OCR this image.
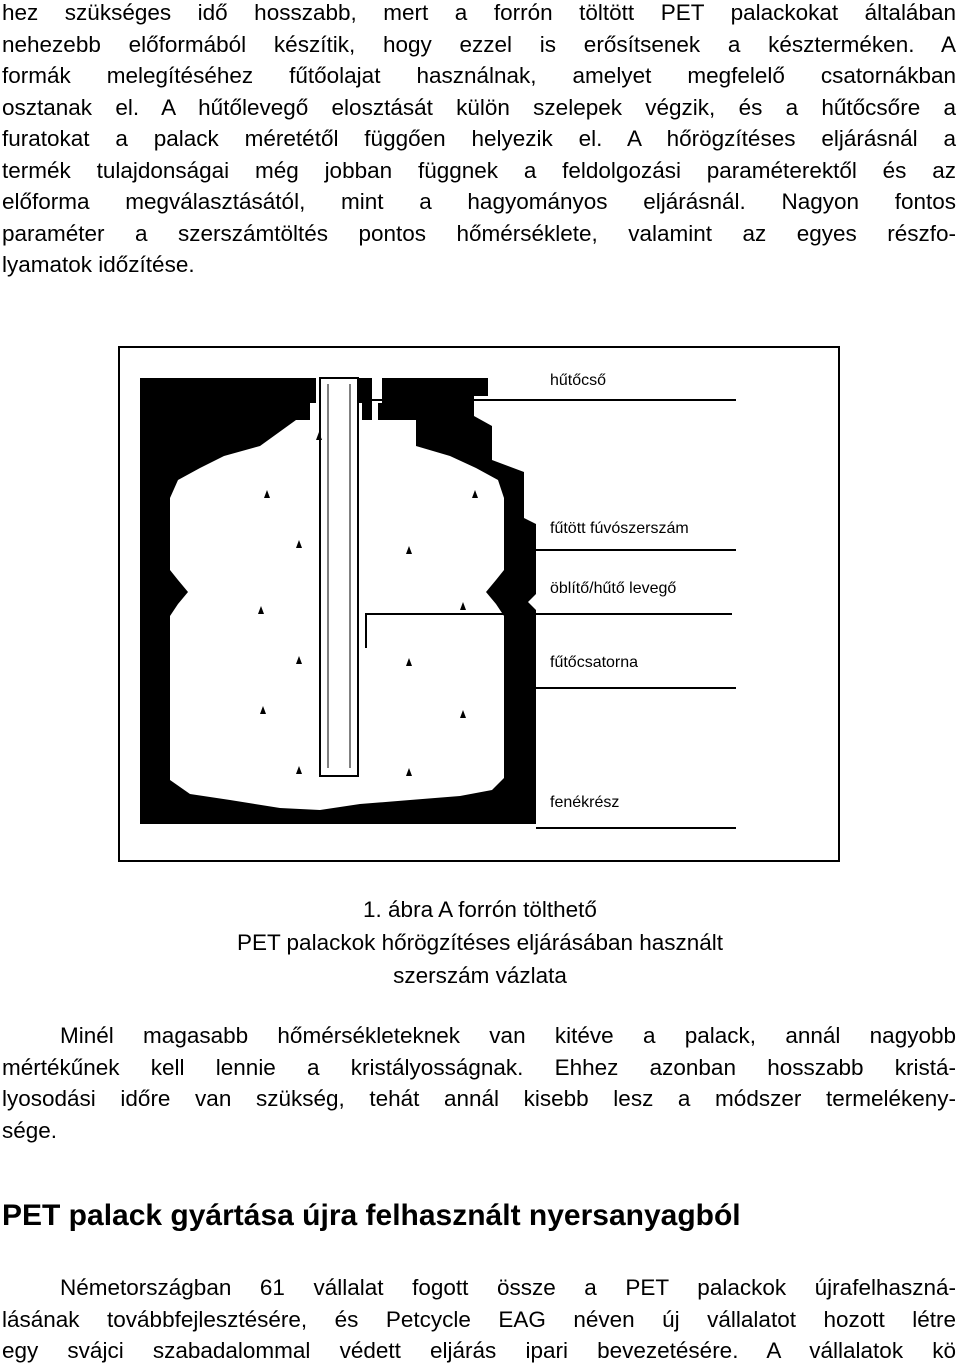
hez szükséges idő hosszabb, mert a forrón töltött PET palackokat általában
nehezebb előformából készítik, hogy ezzel is erősítsenek a készterméken. A
formák melegítéséhez fűtőolajat használnak, amelyet megfelelő csatornákban
osztanak el. A hűtőlevegő elosztását külön szelepek végzik, és a hűtőcsőre a
furatokat a palack méretétől függően helyezik el. A hőrögzítéses eljárásnál a
termék tulajdonságai még jobban függnek a feldolgozási paraméterektől és az
előforma megválasztásától, mint a hagyományos eljárásnál. Nagyon fontos
paraméter a szerszámtöltés pontos hőmérséklete, valamint az egyes részfo-
lyamatok időzítése.
hűtőcső
fűtött fúvószerszám
öblítő/hűtő levegő
fűtőcsatorna
fenékrész
1. ábra A forrón tölthető
PET palackok hőrögzítéses eljárásában használt
szerszám vázlata
Minél magasabb hőmérsékleteknek van kitéve a palack, annál nagyobb
mértékűnek kell lennie a kristályosságnak. Ehhez azonban hosszabb kristá-
lyosodási időre van szükség, tehát annál kisebb lesz a módszer termelékeny-
sége.
PET palack gyártása újra felhasznált nyersanyagból
Németországban 61 vállalat fogott össze a PET palackok újrafelhaszná-
lásának továbbfejlesztésére, és Petcycle EAG néven új vállalatot hozott létre
egy svájci szabadalommal védett eljárás ipari bevezetésére. A vállalatok kö
